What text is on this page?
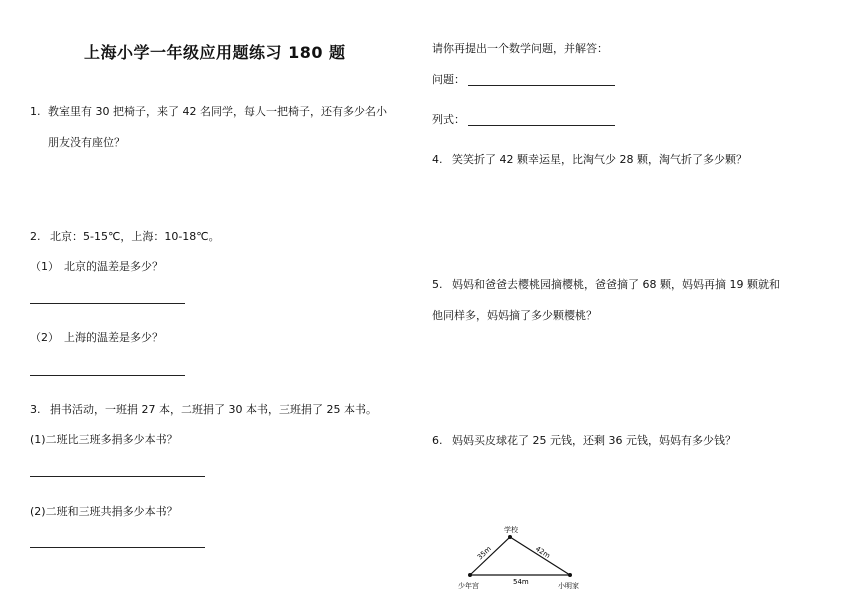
上海小学一年级应用题练习 180 题
1. 教室里有 30 把椅子，来了 42 名同学，每人一把椅子，还有多少名小
朋友没有座位？
2. 北京：5-15℃，上海：10-18℃。
（1） 北京的温差是多少？
（2） 上海的温差是多少？
3. 捐书活动，一班捐 27 本，二班捐了 30 本书，三班捐了 25 本书。
(1)二班比三班多捐多少本书？
(2)二班和三班共捐多少本书？
请你再提出一个数学问题，并解答：
问题：
列式：
4. 笑笑折了 42 颗幸运星，比淘气少 28 颗，淘气折了多少颗？
5. 妈妈和爸爸去樱桃园摘樱桃，爸爸摘了 68 颗，妈妈再摘 19 颗就和
他同样多，妈妈摘了多少颗樱桃？
6. 妈妈买皮球花了 25 元钱，还剩 36 元钱，妈妈有多少钱？
学校
少年宫	小明家
35m	42m
54m
